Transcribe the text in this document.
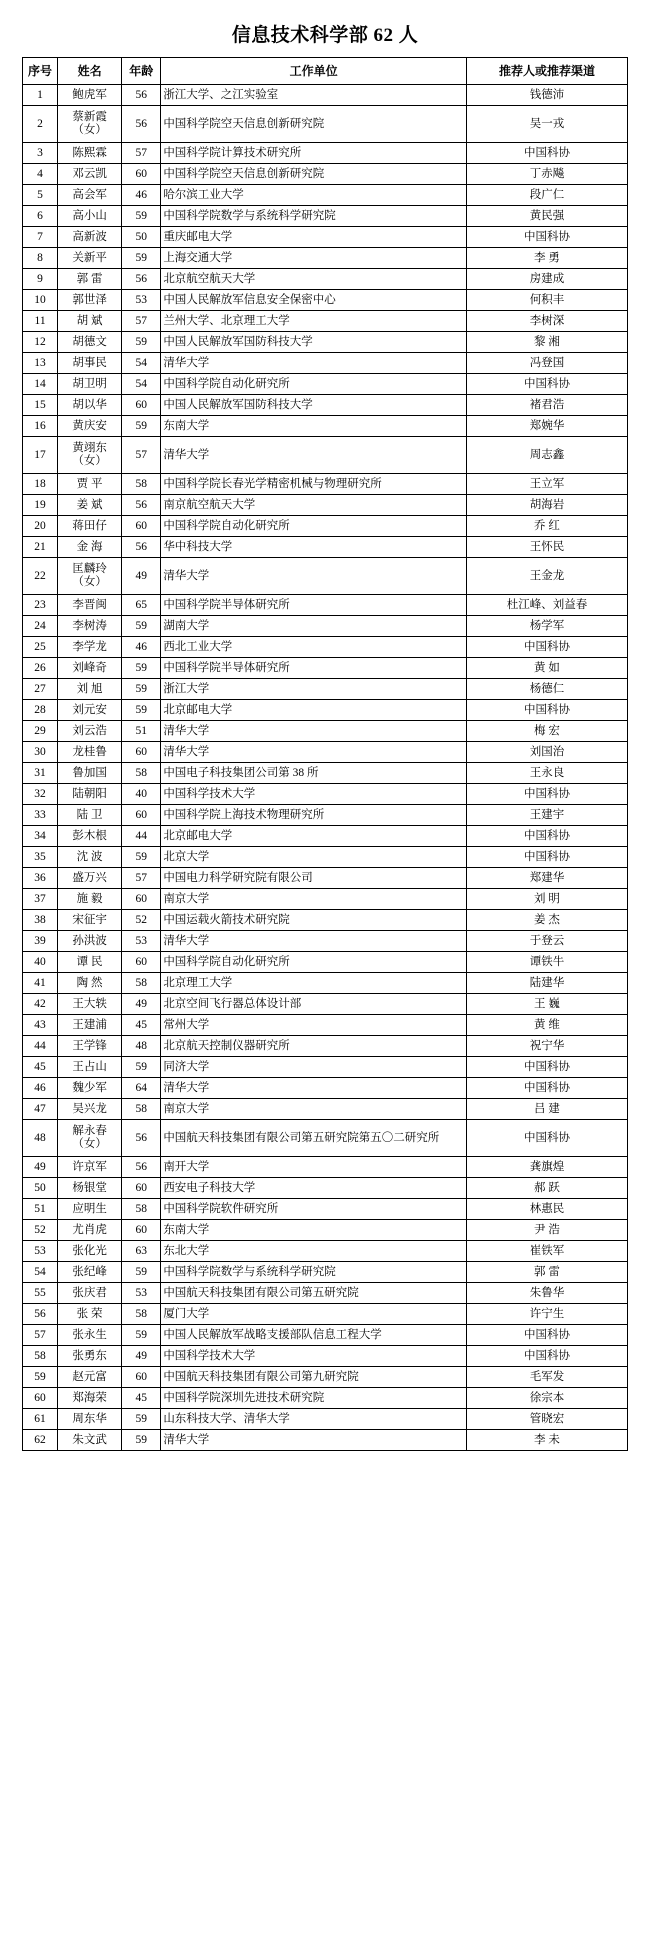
信息技术科学部 62 人
序号	姓名	年龄	工作单位	推荐人或推荐渠道
1	鲍虎军	56	浙江大学、之江实验室	钱德沛
2	蔡新霞
（女）	56	中国科学院空天信息创新研究院	吴一戎
3	陈熙霖	57	中国科学院计算技术研究所	中国科协
4	邓云凯	60	中国科学院空天信息创新研究院	丁赤飚
5	高会军	46	哈尔滨工业大学	段广仁
6	高小山	59	中国科学院数学与系统科学研究院	黄民强
7	高新波	50	重庆邮电大学	中国科协
8	关新平	59	上海交通大学	李 勇
9	郭 雷	56	北京航空航天大学	房建成
10	郭世泽	53	中国人民解放军信息安全保密中心	何积丰
11	胡 斌	57	兰州大学、北京理工大学	李树深
12	胡德文	59	中国人民解放军国防科技大学	黎 湘
13	胡事民	54	清华大学	冯登国
14	胡卫明	54	中国科学院自动化研究所	中国科协
15	胡以华	60	中国人民解放军国防科技大学	褚君浩
16	黄庆安	59	东南大学	郑婉华
17	黄翊东
（女）	57	清华大学	周志鑫
18	贾 平	58	中国科学院长春光学精密机械与物理研究所	王立军
19	姜 斌	56	南京航空航天大学	胡海岩
20	蒋田仔	60	中国科学院自动化研究所	乔 红
21	金 海	56	华中科技大学	王怀民
22	匡麟玲
（女）	49	清华大学	王金龙
23	李晋闽	65	中国科学院半导体研究所	杜江峰、刘益春
24	李树涛	59	湖南大学	杨学军
25	李学龙	46	西北工业大学	中国科协
26	刘峰奇	59	中国科学院半导体研究所	黄 如
27	刘 旭	59	浙江大学	杨德仁
28	刘元安	59	北京邮电大学	中国科协
29	刘云浩	51	清华大学	梅 宏
30	龙桂鲁	60	清华大学	刘国治
31	鲁加国	58	中国电子科技集团公司第 38 所	王永良
32	陆朝阳	40	中国科学技术大学	中国科协
33	陆 卫	60	中国科学院上海技术物理研究所	王建宇
34	彭木根	44	北京邮电大学	中国科协
35	沈 波	59	北京大学	中国科协
36	盛万兴	57	中国电力科学研究院有限公司	郑建华
37	施 毅	60	南京大学	刘 明
38	宋征宇	52	中国运载火箭技术研究院	姜 杰
39	孙洪波	53	清华大学	于登云
40	谭 民	60	中国科学院自动化研究所	谭铁牛
41	陶 然	58	北京理工大学	陆建华
42	王大轶	49	北京空间飞行器总体设计部	王 巍
43	王建浦	45	常州大学	黄 维
44	王学锋	48	北京航天控制仪器研究所	祝宁华
45	王占山	59	同济大学	中国科协
46	魏少军	64	清华大学	中国科协
47	吴兴龙	58	南京大学	吕 建
48	解永春
（女）	56	中国航天科技集团有限公司第五研究院第五〇二研究所	中国科协
49	许京军	56	南开大学	龚旗煌
50	杨银堂	60	西安电子科技大学	郝 跃
51	应明生	58	中国科学院软件研究所	林惠民
52	尤肖虎	60	东南大学	尹 浩
53	张化光	63	东北大学	崔铁军
54	张纪峰	59	中国科学院数学与系统科学研究院	郭 雷
55	张庆君	53	中国航天科技集团有限公司第五研究院	朱鲁华
56	张 荣	58	厦门大学	许宁生
57	张永生	59	中国人民解放军战略支援部队信息工程大学	中国科协
58	张勇东	49	中国科学技术大学	中国科协
59	赵元富	60	中国航天科技集团有限公司第九研究院	毛军发
60	郑海荣	45	中国科学院深圳先进技术研究院	徐宗本
61	周东华	59	山东科技大学、清华大学	管晓宏
62	朱文武	59	清华大学	李 未
